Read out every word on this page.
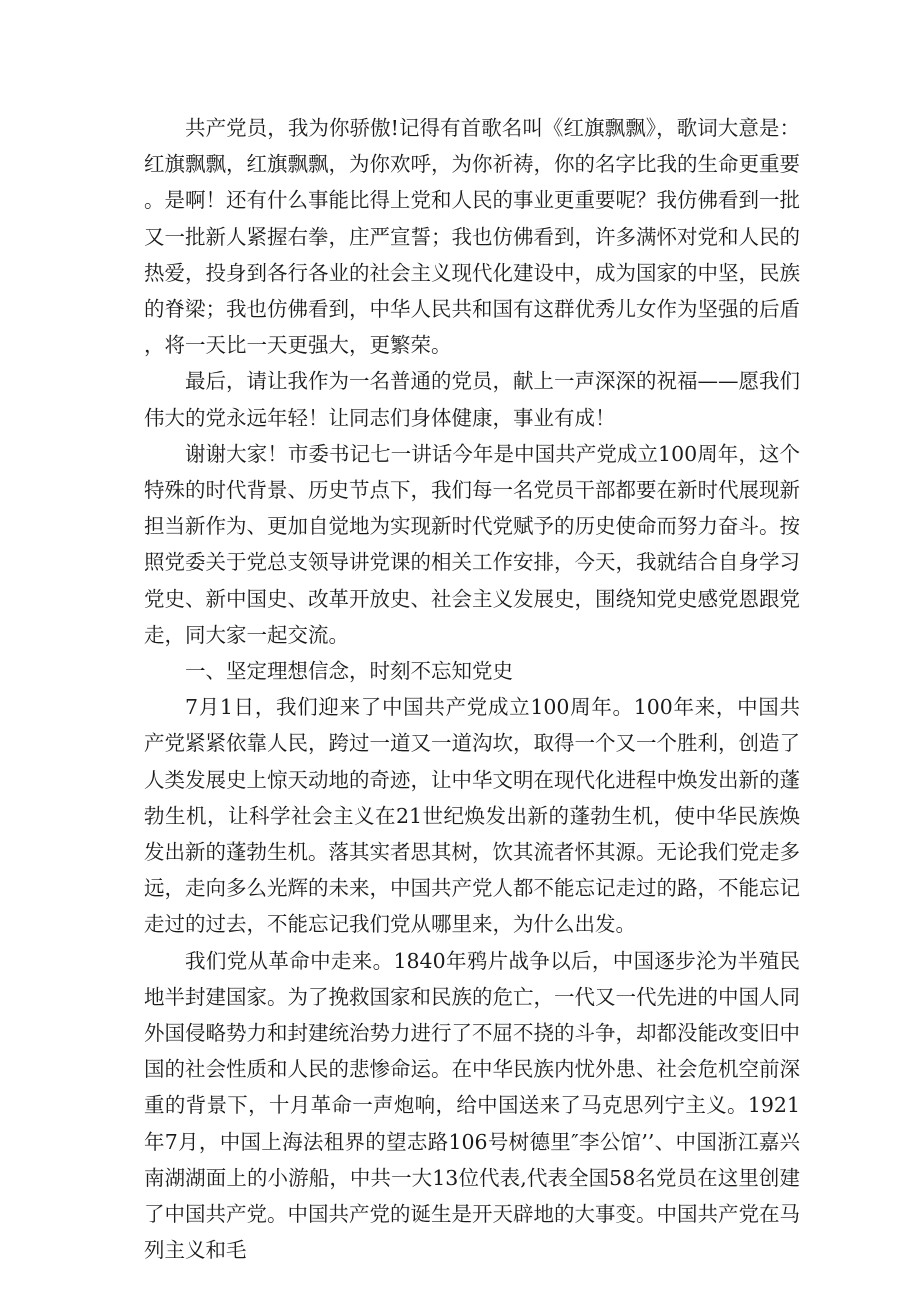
共产党员，我为你骄傲!记得有首歌名叫《红旗飘飘》，歌词大意是：红旗飘飘，红旗飘飘，为你欢呼，为你祈祷，你的名字比我的生命更重要。是啊！还有什么事能比得上党和人民的事业更重要呢？我仿佛看到一批又一批新人紧握右拳，庄严宣誓；我也仿佛看到，许多满怀对党和人民的热爱，投身到各行各业的社会主义现代化建设中，成为国家的中坚，民族的脊梁；我也仿佛看到，中华人民共和国有这群优秀儿女作为坚强的后盾，将一天比一天更强大，更繁荣。

最后，请让我作为一名普通的党员，献上一声深深的祝福——愿我们伟大的党永远年轻！让同志们身体健康，事业有成！

谢谢大家！市委书记七一讲话今年是中国共产党成立100周年，这个特殊的时代背景、历史节点下，我们每一名党员干部都要在新时代展现新担当新作为、更加自觉地为实现新时代党赋予的历史使命而努力奋斗。按照党委关于党总支领导讲党课的相关工作安排，今天，我就结合自身学习党史、新中国史、改革开放史、社会主义发展史，围绕知党史感党恩跟党走，同大家一起交流。

一、坚定理想信念，时刻不忘知党史

7月1日，我们迎来了中国共产党成立100周年。100年来，中国共产党紧紧依靠人民，跨过一道又一道沟坎，取得一个又一个胜利，创造了人类发展史上惊天动地的奇迹，让中华文明在现代化进程中焕发出新的蓬勃生机，让科学社会主义在21世纪焕发出新的蓬勃生机，使中华民族焕发出新的蓬勃生机。落其实者思其树，饮其流者怀其源。无论我们党走多远，走向多么光辉的未来，中国共产党人都不能忘记走过的路，不能忘记走过的过去，不能忘记我们党从哪里来，为什么出发。

我们党从革命中走来。1840年鸦片战争以后，中国逐步沦为半殖民地半封建国家。为了挽救国家和民族的危亡，一代又一代先进的中国人同外国侵略势力和封建统治势力进行了不屈不挠的斗争，却都没能改变旧中国的社会性质和人民的悲惨命运。在中华民族内忧外患、社会危机空前深重的背景下，十月革命一声炮响，给中国送来了马克思列宁主义。1921年7月，中国上海法租界的望志路106号树德里″李公馆’’、中国浙江嘉兴南湖湖面上的小游船，中共一大13位代表,代表全国58名党员在这里创建了中国共产党。中国共产党的诞生是开天辟地的大事变。中国共产党在马列主义和毛
